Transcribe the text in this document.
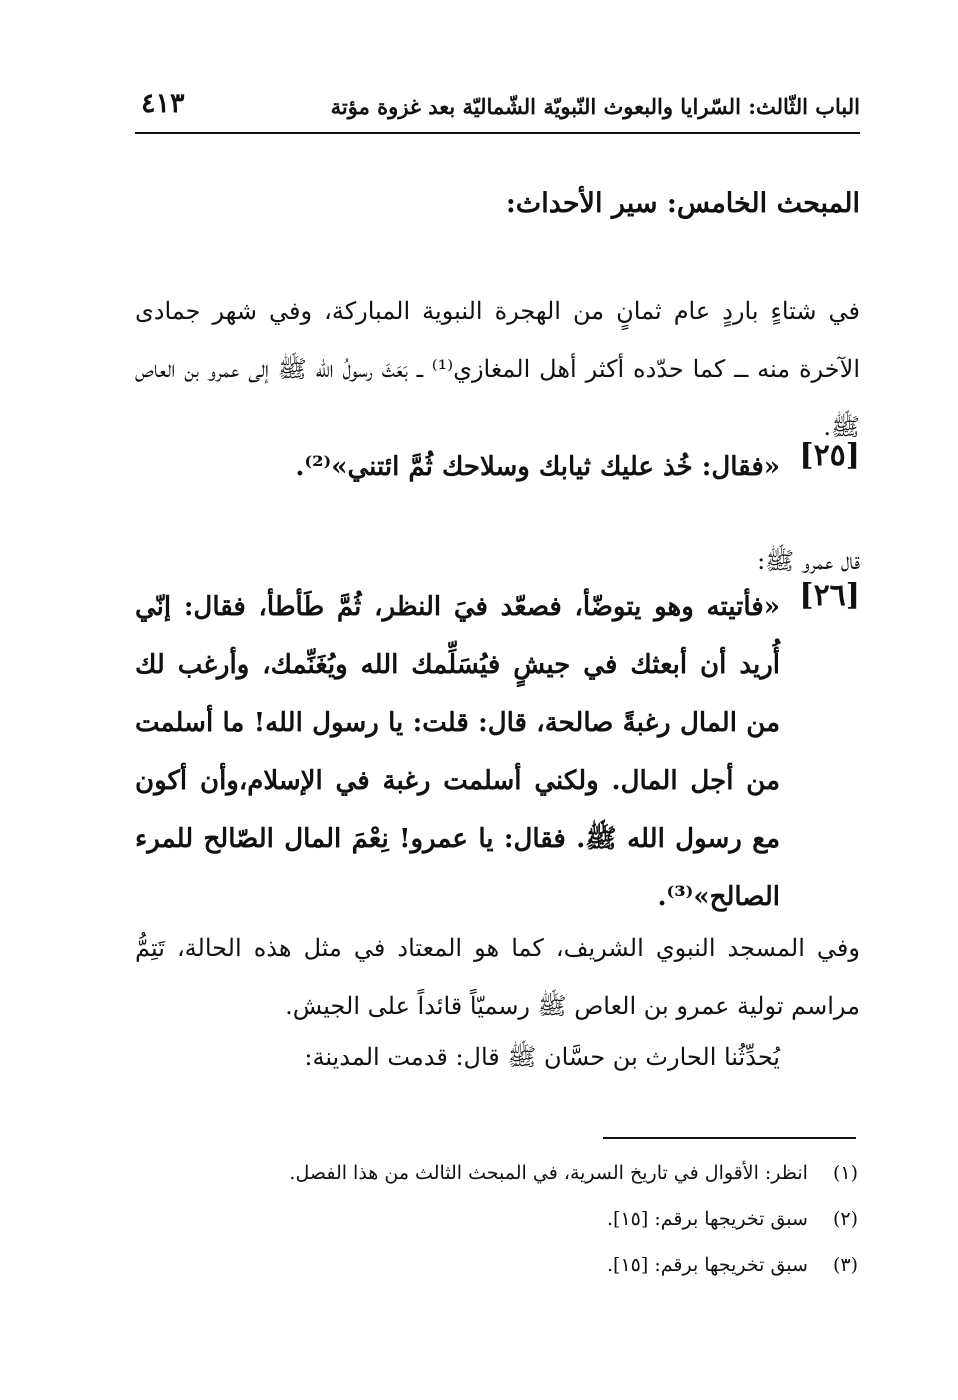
الباب الثّالث: السّرايا والبعوث النّبويّة الشّماليّة بعد غزوة مؤتة
٤١٣
المبحث الخامس: سير الأحداث:

في شتاءٍ باردٍ عام ثمانٍ من الهجرة النبوية المباركة، وفي شهر جمادى الآخرة منه ــ كما حدّده أكثر أهل المغازي⁽¹⁾ ــ بَعَثَ رسولُ الله ﷺ إلى عمرو بن العاص ﷺ.

[٢٥]
«فقال: خُذ عليك ثيابك وسلاحك ثُمَّ ائتني»⁽²⁾.

قال عمرو ﷺ:

[٢٦]
«فأتيته وهو يتوضّأ، فصعّد فيَ النظر، ثُمَّ طَأطأ، فقال: إنّي أُريد أن أبعثك في جيشٍ فيُسَلِّمك الله ويُغَنِّمك، وأرغب لك من المال رغبةً صالحة، قال: قلت: يا رسول الله! ما أسلمت من أجل المال. ولكني أسلمت رغبة في الإسلام،وأن أكون مع رسول الله ﷺ. فقال: يا عمرو! نِعْمَ المال الصّالح للمرء الصالح»⁽³⁾.

وفي المسجد النبوي الشريف، كما هو المعتاد في مثل هذه الحالة، تَتِمُّ مراسم تولية عمرو بن العاص ﷺ رسميّاً قائداً على الجيش.

يُحدِّثُنا الحارث بن حسَّان ﷺ قال: قدمت المدينة:

(١) انظر: الأقوال في تاريخ السرية، في المبحث الثالث من هذا الفصل.
(٢) سبق تخريجها برقم: [١٥].
(٣) سبق تخريجها برقم: [١٥].
